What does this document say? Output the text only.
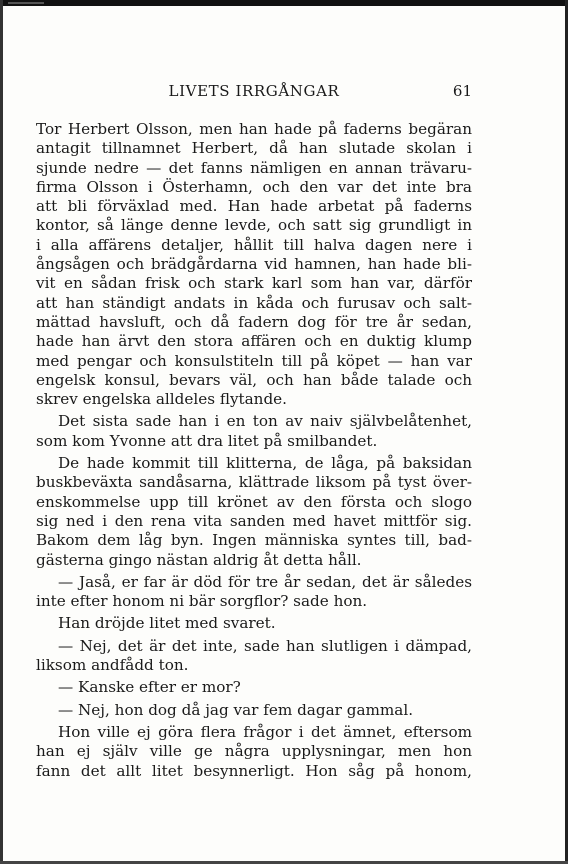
LIVETS IRRGÅNGAR	61
Tor Herbert Olsson, men han hade på faderns begäran
antagit tillnamnet Herbert, då han slutade skolan i
sjunde nedre — det fanns nämligen en annan trävaru-
firma Olsson i Österhamn, och den var det inte bra
att bli förväxlad med. Han hade arbetat på faderns
kontor, så länge denne levde, och satt sig grundligt in
i alla affärens detaljer, hållit till halva dagen nere i
ångsågen och brädgårdarna vid hamnen, han hade bli-
vit en sådan frisk och stark karl som han var, därför
att han ständigt andats in kåda och furusav och salt-
mättad havsluft, och då fadern dog för tre år sedan,
hade han ärvt den stora affären och en duktig klump
med pengar och konsulstiteln till på köpet — han var
engelsk konsul, bevars väl, och han både talade och
skrev engelska alldeles flytande.
Det sista sade han i en ton av naiv självbelåtenhet,
som kom Yvonne att dra litet på smilbandet.
De hade kommit till klitterna, de låga, på baksidan
buskbeväxta sandåsarna, klättrade liksom på tyst över-
enskommelse upp till krönet av den första och slogo
sig ned i den rena vita sanden med havet mittför sig.
Bakom dem låg byn. Ingen människa syntes till, bad-
gästerna gingo nästan aldrig åt detta håll.
— Jaså, er far är död för tre år sedan, det är således
inte efter honom ni bär sorgflor? sade hon.
Han dröjde litet med svaret.
— Nej, det är det inte, sade han slutligen i dämpad,
liksom andfådd ton.
— Kanske efter er mor?
— Nej, hon dog då jag var fem dagar gammal.
Hon ville ej göra flera frågor i det ämnet, eftersom
han ej själv ville ge några upplysningar, men hon
fann det allt litet besynnerligt. Hon såg på honom,
